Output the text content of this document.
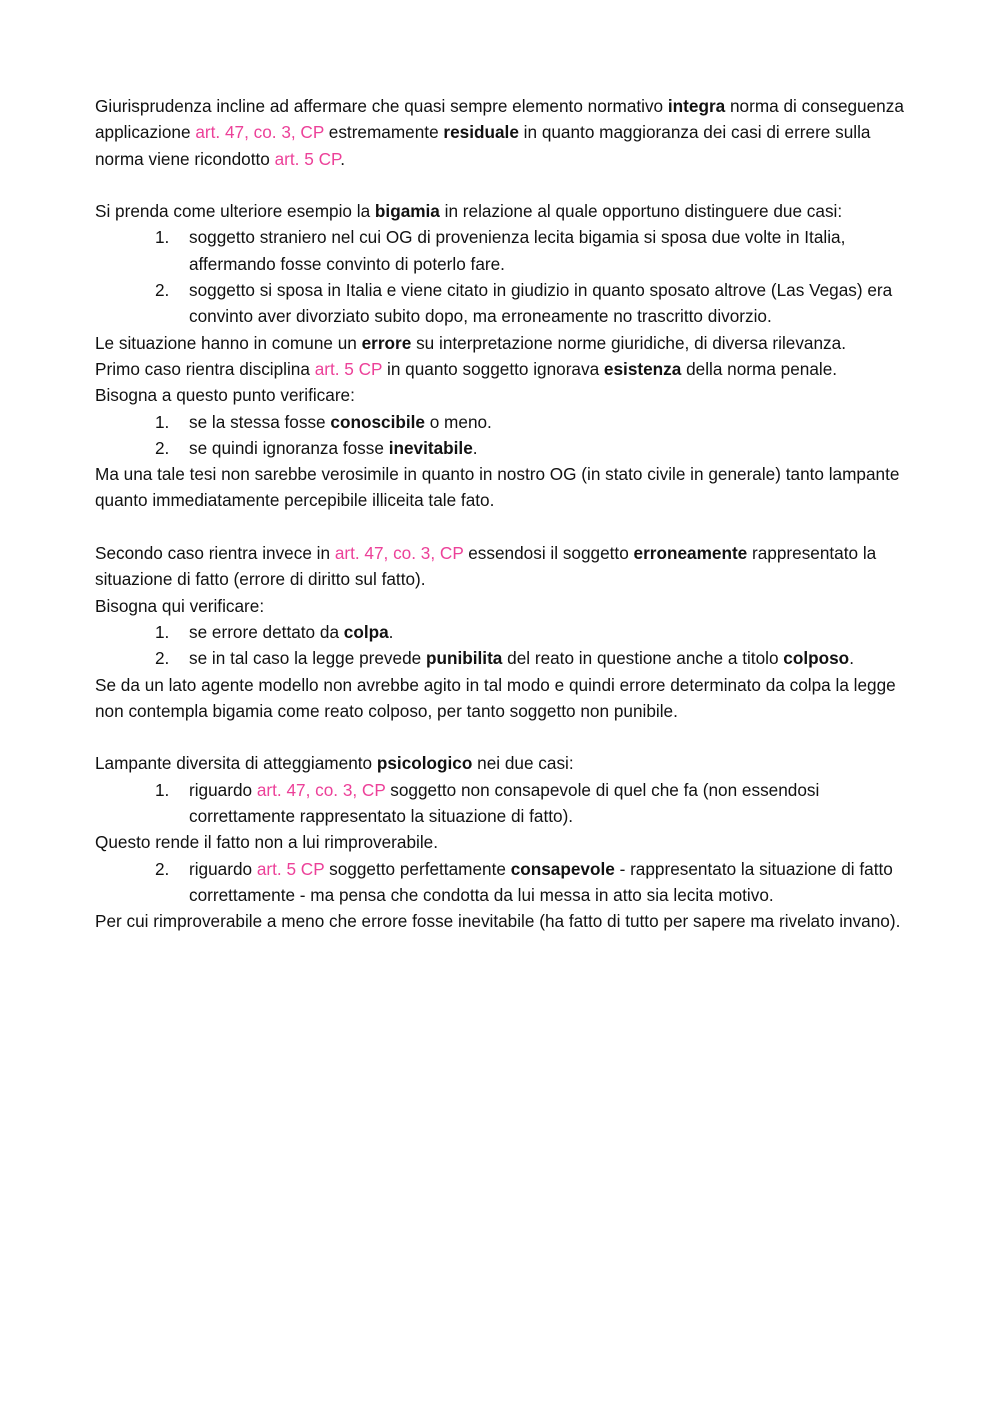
Giurisprudenza incline ad affermare che quasi sempre elemento normativo integra norma di conseguenza applicazione art. 47, co. 3, CP estremamente residuale in quanto maggioranza dei casi di errere sulla norma viene ricondotto art. 5 CP.

Si prenda come ulteriore esempio la bigamia in relazione al quale opportuno distinguere due casi:

1.	soggetto straniero nel cui OG di provenienza lecita bigamia si sposa due volte in Italia, affermando fosse convinto di poterlo fare.
2.	soggetto si sposa in Italia e viene citato in giudizio in quanto sposato altrove (Las Vegas) era convinto aver divorziato subito dopo, ma erroneamente no trascritto divorzio.

Le situazione hanno in comune un errore su interpretazione norme giuridiche, di diversa rilevanza.

Primo caso rientra disciplina art. 5 CP in quanto soggetto ignorava esistenza della norma penale.

Bisogna a questo punto verificare:

1.	se la stessa fosse conoscibile o meno.
2.	se quindi ignoranza fosse inevitabile.

Ma una tale tesi non sarebbe verosimile in quanto in nostro OG (in stato civile in generale) tanto lampante quanto immediatamente percepibile illiceita tale fato.

Secondo caso rientra invece in art. 47, co. 3, CP essendosi il soggetto erroneamente rappresentato la situazione di fatto (errore di diritto sul fatto).

Bisogna qui verificare:

1.	se errore dettato da colpa.
2.	se in tal caso la legge prevede punibilita del reato in questione anche a titolo colposo.

Se da un lato agente modello non avrebbe agito in tal modo e quindi errore determinato da colpa la legge non contempla bigamia come reato colposo, per tanto soggetto non punibile.

Lampante diversita di atteggiamento psicologico nei due casi:

1.	riguardo art. 47, co. 3, CP soggetto non consapevole di quel che fa (non essendosi correttamente rappresentato la situazione di fatto).

Questo rende il fatto non a lui rimproverabile.

2.	riguardo art. 5 CP soggetto perfettamente consapevole - rappresentato la situazione di fatto correttamente - ma pensa che condotta da lui messa in atto sia lecita motivo.

Per cui rimproverabile a meno che errore fosse inevitabile (ha fatto di tutto per sapere ma rivelato invano).
